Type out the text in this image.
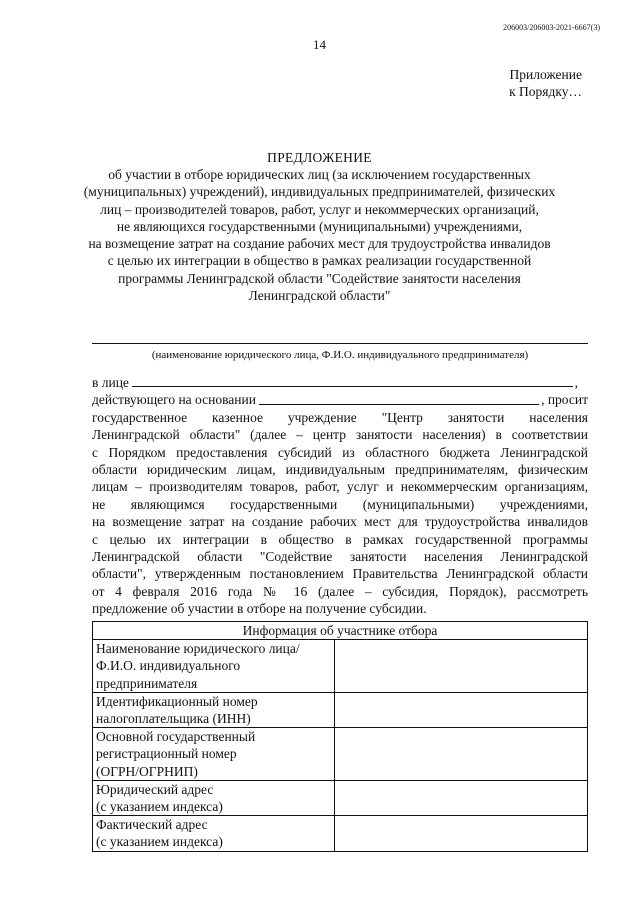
206003/206003-2021-6667(3)
14
Приложение
к Порядку…
ПРЕДЛОЖЕНИЕ
об участии в отборе юридических лиц (за исключением государственных
(муниципальных) учреждений), индивидуальных предпринимателей, физических
лиц – производителей товаров, работ, услуг и некоммерческих организаций,
не являющихся государственными (муниципальными) учреждениями,
на возмещение затрат на создание рабочих мест для трудоустройства инвалидов
с целью их интеграции в общество в рамках реализации государственной
программы Ленинградской области "Содействие занятости населения
Ленинградской области"
(наименование юридического лица, Ф.И.О. индивидуального предпринимателя)
в лице	,
действующего на основании	, просит
государственное казенное учреждение "Центр занятости населения
Ленинградской области" (далее – центр занятости населения) в соответствии
с Порядком предоставления субсидий из областного бюджета Ленинградской
области юридическим лицам, индивидуальным предпринимателям, физическим
лицам – производителям товаров, работ, услуг и некоммерческим организациям,
не являющимся государственными (муниципальными) учреждениями,
на возмещение затрат на создание рабочих мест для трудоустройства инвалидов
с целью их интеграции в общество в рамках государственной программы
Ленинградской области "Содействие занятости населения Ленинградской
области", утвержденным постановлением Правительства Ленинградской области
от 4 февраля 2016 года № 16 (далее – субсидия, Порядок), рассмотреть
предложение об участии в отборе на получение субсидии.
Информация об участнике отбора	

Наименование юридического лица/
Ф.И.О. индивидуального
предпринимателя	

Идентификационный номер
налогоплательщика (ИНН)	

Основной государственный
регистрационный номер
(ОГРН/ОГРНИП)	

Юридический адрес
(с указанием индекса)	

Фактический адрес
(с указанием индекса)	
